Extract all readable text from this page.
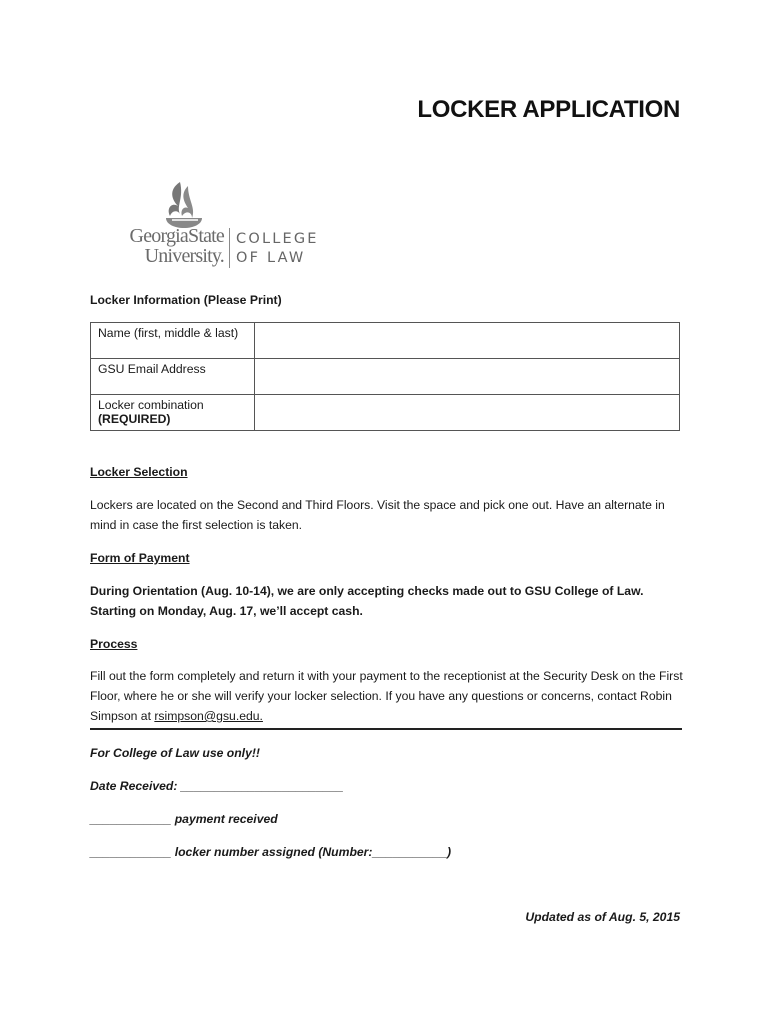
LOCKER APPLICATION
GeorgiaState
University.
COLLEGE
OF LAW
Locker Information (Please Print)
Name (first, middle & last)	
GSU Email Address	

Locker combination
(REQUIRED)	

Locker Selection
Lockers are located on the Second and Third Floors. Visit the space and pick one out. Have an alternate in mind in case the first selection is taken.
Form of Payment
During Orientation (Aug. 10-14), we are only accepting checks made out to GSU College of Law.
Starting on Monday, Aug. 17, we’ll accept cash.
Process
Fill out the form completely and return it with your payment to the receptionist at the Security Desk on the First Floor, where he or she will verify your locker selection. If you have any questions or concerns, contact Robin Simpson at rsimpson@gsu.edu.
For College of Law use only!!
Date Received: ________________________
____________ payment received
____________ locker number assigned (Number:___________)
Updated as of Aug. 5, 2015
